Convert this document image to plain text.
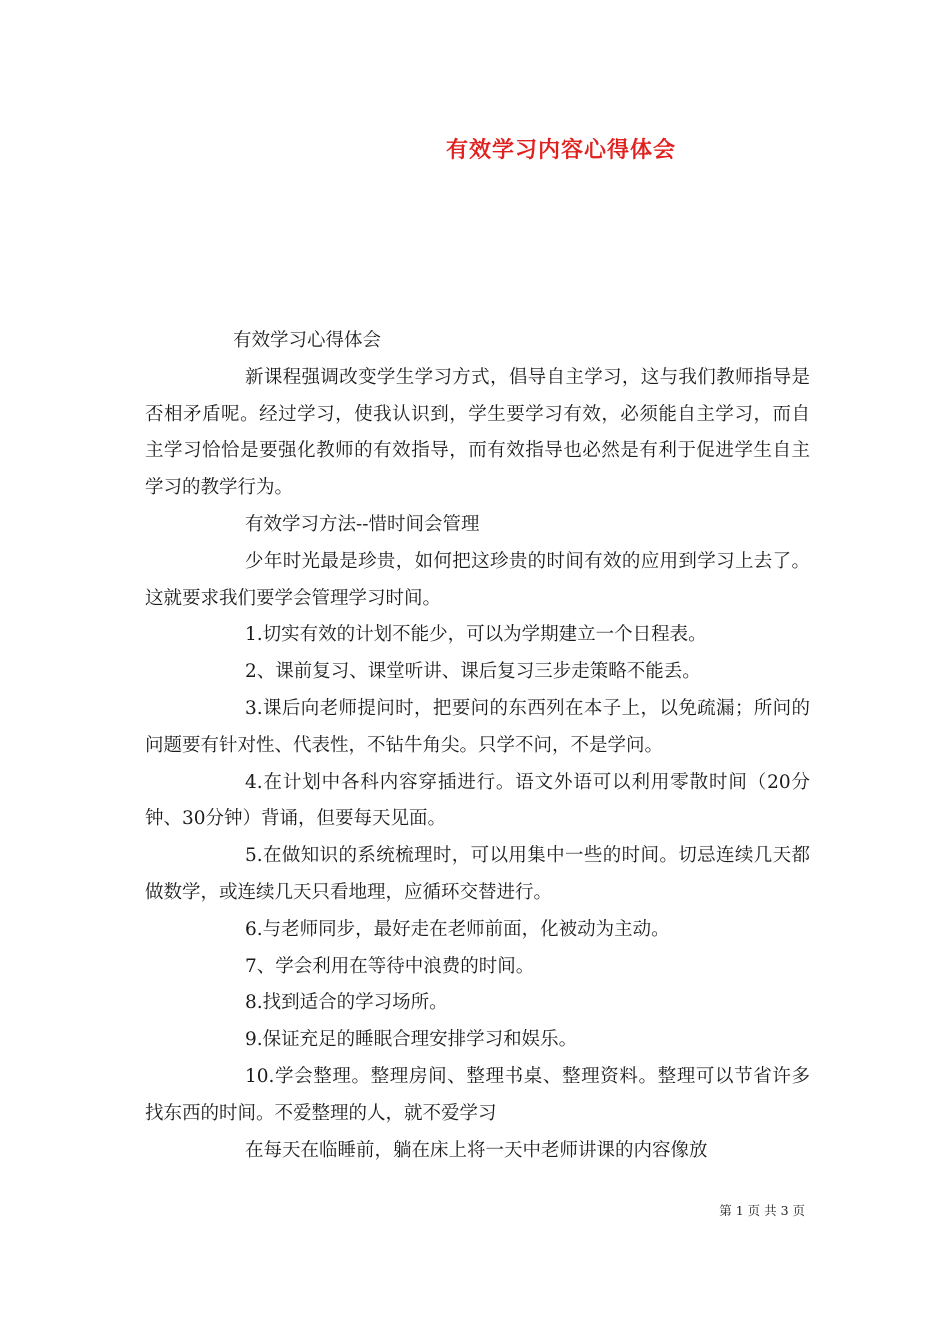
有效学习内容心得体会

有效学习心得体会

新课程强调改变学生学习方式，倡导自主学习，这与我们教师指导是否相矛盾呢。经过学习，使我认识到，学生要学习有效，必须能自主学习，而自主学习恰恰是要强化教师的有效指导，而有效指导也必然是有利于促进学生自主学习的教学行为。

有效学习方法--惜时间会管理

少年时光最是珍贵，如何把这珍贵的时间有效的应用到学习上去了。这就要求我们要学会管理学习时间。

1.切实有效的计划不能少，可以为学期建立一个日程表。

2、课前复习、课堂听讲、课后复习三步走策略不能丢。

3.课后向老师提问时，把要问的东西列在本子上，以免疏漏；所问的问题要有针对性、代表性，不钻牛角尖。只学不问，不是学问。

4.在计划中各科内容穿插进行。语文外语可以利用零散时间（20分钟、30分钟）背诵，但要每天见面。

5.在做知识的系统梳理时，可以用集中一些的时间。切忌连续几天都做数学，或连续几天只看地理，应循环交替进行。

6.与老师同步，最好走在老师前面，化被动为主动。

7、学会利用在等待中浪费的时间。

8.找到适合的学习场所。

9.保证充足的睡眠合理安排学习和娱乐。

10.学会整理。整理房间、整理书桌、整理资料。整理可以节省许多找东西的时间。不爱整理的人，就不爱学习

在每天在临睡前，躺在床上将一天中老师讲课的内容像放

第 1 页 共 3 页
